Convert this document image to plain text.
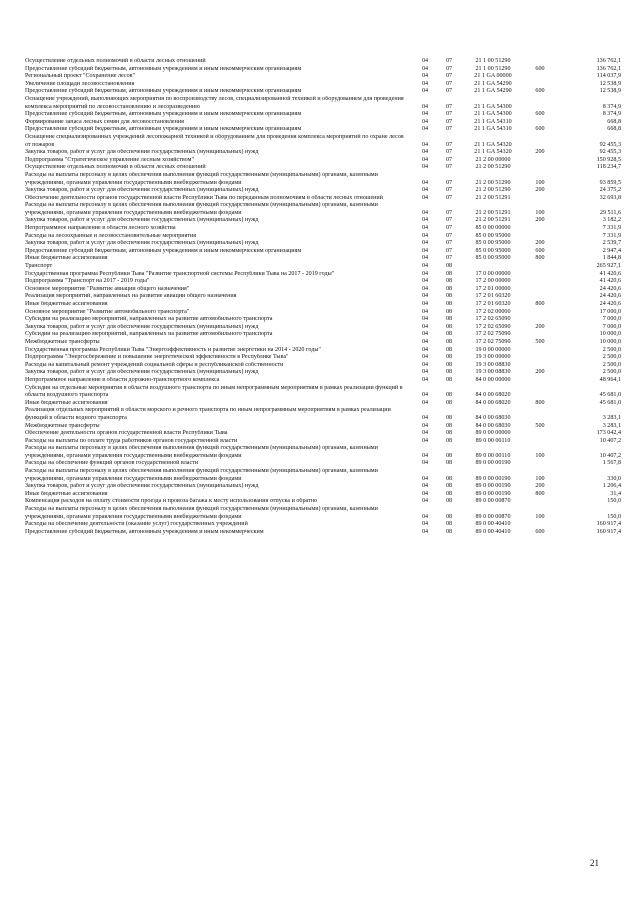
Осуществление отдельных полномочий в области лесных отношений	04	07	21 1 00 51290		136 762,1
Предоставление субсидий бюджетным, автономным учреждениям и иным некоммерческим организациям	04	07	21 1 00 51290	600	136 762,1
Региональный проект "Сохранение лесов"	04	07	21 1 GA 00000		114 037,9
Увеличение площади лесовосстановления	04	07	21 1 GA 54290		12 538,9
Предоставление субсидий бюджетным, автономным учреждениям и иным некоммерческим организациям	04	07	21 1 GA 54290	600	12 538,9
Оснащение учреждений, выполняющих мероприятия по воспроизводству лесов, специализированной техникой и оборудованием для проведения комплекса мероприятий по лесовосстановлению и лесоразведению	04	07	21 1 GA 54300		8 374,9
Предоставление субсидий бюджетным, автономным учреждениям и иным некоммерческим организациям	04	07	21 1 GA 54300	600	8 374,9
Формирование запаса лесных семян для лесовосстановления	04	07	21 1 GA 54310		668,8
Предоставление субсидий бюджетным, автономным учреждениям и иным некоммерческим организациям	04	07	21 1 GA 54310	600	668,8
Оснащение специализированных учреждений лесопожарной техникой и оборудованием для проведения комплекса мероприятий по охране лесов от пожаров	04	07	21 1 GA 54320		92 455,3
Закупка товаров, работ и услуг для обеспечения государственных (муниципальных) нужд	04	07	21 1 GA 54320	200	92 455,3
Подпрограмма "Стратегическое управление лесным хозяйством"	04	07	21 2 00 00000		150 928,5
Осуществление отдельных полномочий в области лесных отношений	04	07	21 2 00 51290		118 234,7
Расходы на выплаты персоналу в целях обеспечения выполнения функций государственными (муниципальными) органами, казенными учреждениями, органами управления государственными внебюджетными фондами	04	07	21 2 00 51290	100	93 859,5
Закупка товаров, работ и услуг для обеспечения государственных (муниципальных) нужд	04	07	21 2 00 51290	200	24 375,2
Обеспечение деятельности органов государственной власти Республики Тыва по переданным полномочиям в области лесных отношений	04	07	21 2 00 51291		32 693,8
Расходы на выплаты персоналу в целях обеспечения выполнения функций государственными (муниципальными) органами, казенными учреждениями, органами управления государственными внебюджетными фондами	04	07	21 2 00 51291	100	29 511,6
Закупка товаров, работ и услуг для обеспечения государственных (муниципальных) нужд	04	07	21 2 00 51291	200	3 182,2
Непрограммное направление в области лесного хозяйства	04	07	85 0 00 00000		7 331,9
Расходы на лесоохранные и лесовосстановительные мероприятия	04	07	85 0 00 95000		7 331,9
Закупка товаров, работ и услуг для обеспечения государственных (муниципальных) нужд	04	07	85 0 00 95000	200	2 539,7
Предоставление субсидий бюджетным, автономным учреждениям и иным некоммерческим организациям	04	07	85 0 00 95000	600	2 947,4
Иные бюджетные ассигнования	04	07	85 0 00 95000	800	1 844,8
Транспорт	04	08			265 927,1
Государственная программа Республики Тыва "Развитие транспортной системы Республики Тыва на 2017 - 2019 годы"	04	08	17 0 00 00000		41 420,6
Подпрограмма "Транспорт на 2017 - 2019 годы"	04	08	17 2 00 00000		41 420,6
Основное мероприятие "Развитие авиации общего назначения"	04	08	17 2 01 00000		24 420,6
Реализация мероприятий, направленных на развитие авиации общего назначения	04	08	17 2 01 60320		24 420,6
Иные бюджетные ассигнования	04	08	17 2 01 60320	800	24 420,6
Основное мероприятие "Развитие автомобильного транспорта"	04	08	17 2 02 00000		17 000,0
Субсидии на реализацию мероприятий, направленных на развитие автомобильного транспорта	04	08	17 2 02 65090		7 000,0
Закупка товаров, работ и услуг для обеспечения государственных (муниципальных) нужд	04	08	17 2 02 65090	200	7 000,0
Субсидии на реализацию мероприятий, направленных на развитие автомобильного транспорта	04	08	17 2 02 75090		10 000,0
Межбюджетные трансферты	04	08	17 2 02 75090	500	10 000,0
Государственная программа Республики Тыва "Энергоэффективность и развитие энергетики на 2014 - 2020 годы"	04	08	19 0 00 00000		2 500,0
Подпрограмма "Энергосбережение и повышение энергетической эффективности в Республике Тыва"	04	08	19 3 00 00000		2 500,0
Расходы на капитальный ремонт учреждений социальной сферы и республиканской собственности	04	08	19 3 00 08830		2 500,0
Закупка товаров, работ и услуг для обеспечения государственных (муниципальных) нужд	04	08	19 3 00 08830	200	2 500,0
Непрограммное направление в области дорожно-транспортного комплекса	04	08	84 0 00 00000		48 964,1
Субсидии на отдельные мероприятия в области воздушного транспорта по иным непрограммным мероприятиям в рамках реализации функций в области воздушного транспорта	04	08	84 0 00 68020		45 681,0
Иные бюджетные ассигнования	04	08	84 0 00 68020	800	45 681,0
Реализация отдельных мероприятий в области морского и речного транспорта по иным непрограммным мероприятиям в рамках реализации функций в области водного транспорта	04	08	84 0 00 68030		3 283,1
Межбюджетные трансферты	04	08	84 0 00 68030	500	3 283,1
Обеспечение деятельности органов государственной власти Республики Тыва	04	08	89 0 00 00000		173 042,4
Расходы на выплаты по оплате труда работников органов государственной власти	04	08	89 0 00 00110		10 407,2
Расходы на выплаты персоналу в целях обеспечения выполнения функций государственными (муниципальными) органами, казенными учреждениями, органами управления государственными внебюджетными фондами	04	08	89 0 00 00110	100	10 407,2
Расходы на обеспечение функций органов государственной власти	04	08	89 0 00 00190		1 567,8
Расходы на выплаты персоналу в целях обеспечения выполнения функций государственными (муниципальными) органами, казенными учреждениями, органами управления государственными внебюджетными фондами	04	08	89 0 00 00190	100	330,0
Закупка товаров, работ и услуг для обеспечения государственных (муниципальных) нужд	04	08	89 0 00 00190	200	1 206,4
Иные бюджетные ассигнования	04	08	89 0 00 00190	800	31,4
Компенсация расходов на оплату стоимости проезда и провоза багажа к месту использования отпуска и обратно	04	08	89 0 00 00870		150,0
Расходы на выплаты персоналу в целях обеспечения выполнения функций государственными (муниципальными) органами, казенными учреждениями, органами управления государственными внебюджетными фондами	04	08	89 0 00 00870	100	150,0
Расходы на обеспечение деятельности (оказание услуг) государственных учреждений	04	08	89 0 00 40410		160 917,4
Предоставление субсидий бюджетным, автономным учреждениям и иным некоммерческим	04	08	89 0 00 40410	600	160 917,4
21
